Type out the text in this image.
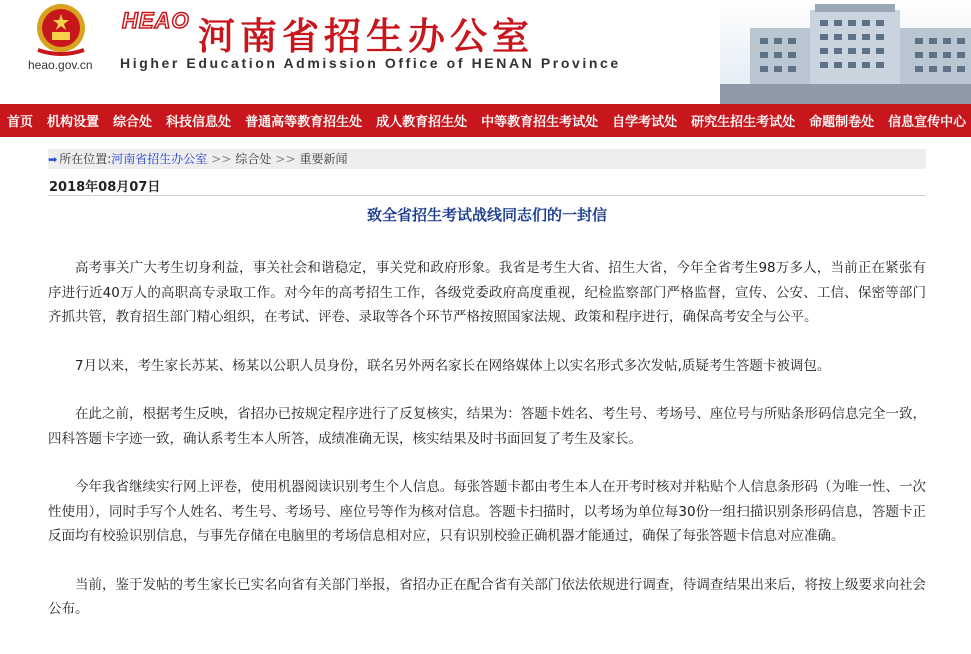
heao.gov.cn
HEAO 河南省招生办公室
Higher Education Admission Office of HENAN Province
首页	机构设置	综合处	科技信息处	普通高等教育招生处	成人教育招生处	中等教育招生考试处	自学考试处	研究生招生考试处	命题制卷处	信息宣传中心
➡ 所在位置:河南省招生办公室 >> 综合处 >> 重要新闻
2018年08月07日
致全省招生考试战线同志们的一封信

高考事关广大考生切身利益，事关社会和谐稳定，事关党和政府形象。我省是考生大省、招生大省，今年全省考生98万多人，当前正在紧张有序进行近40万人的高职高专录取工作。对今年的高考招生工作，各级党委政府高度重视，纪检监察部门严格监督，宣传、公安、工信、保密等部门齐抓共管，教育招生部门精心组织，在考试、评卷、录取等各个环节严格按照国家法规、政策和程序进行，确保高考安全与公平。

7月以来，考生家长苏某、杨某以公职人员身份，联名另外两名家长在网络媒体上以实名形式多次发帖,质疑考生答题卡被调包。

在此之前，根据考生反映，省招办已按规定程序进行了反复核实，结果为：答题卡姓名、考生号、考场号、座位号与所贴条形码信息完全一致，四科答题卡字迹一致，确认系考生本人所答，成绩准确无误，核实结果及时书面回复了考生及家长。

今年我省继续实行网上评卷，使用机器阅读识别考生个人信息。每张答题卡都由考生本人在开考时核对并粘贴个人信息条形码（为唯一性、一次性使用），同时手写个人姓名、考生号、考场号、座位号等作为核对信息。答题卡扫描时，以考场为单位每30份一组扫描识别条形码信息，答题卡正反面均有校验识别信息，与事先存储在电脑里的考场信息相对应，只有识别校验正确机器才能通过，确保了每张答题卡信息对应准确。

当前，鉴于发帖的考生家长已实名向省有关部门举报，省招办正在配合省有关部门依法依规进行调查，待调查结果出来后，将按上级要求向社会公布。
